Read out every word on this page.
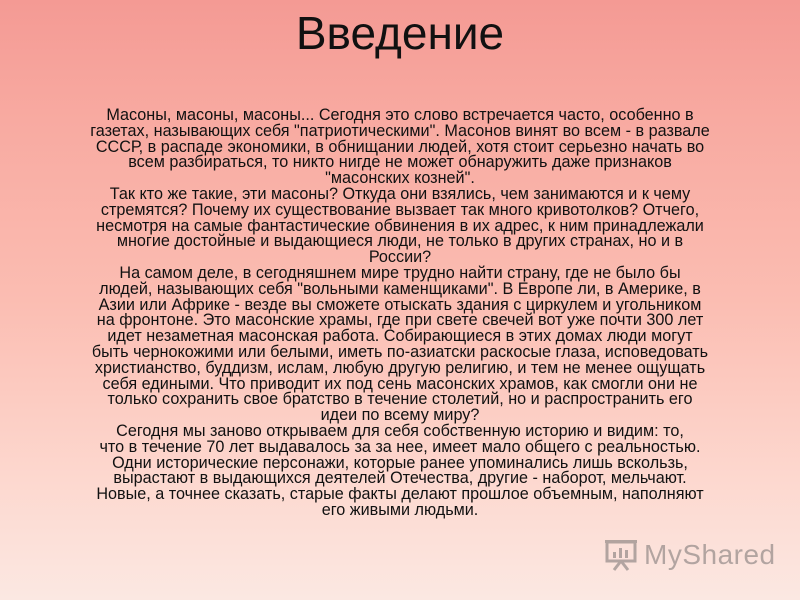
Введение
Масоны, масоны, масоны... Сегодня это слово встречается часто, особенно в
газетах, называющих себя "патриотическими". Масонов винят во всем - в развале
СССР, в распаде экономики, в обнищании людей, хотя стоит серьезно начать во
всем разбираться, то никто нигде не может обнаружить даже признаков
"масонских козней".
Так кто же такие, эти масоны? Откуда они взялись, чем занимаются и к чему
стремятся? Почему их существование вызвает так много кривотолков? Отчего,
несмотря на самые фантастические обвинения в их адрес, к ним принадлежали
многие достойные и выдающиеся люди, не только в других странах, но и в
России?
На самом деле, в сегодняшнем мире трудно найти страну, где не было бы
людей, называющих себя "вольными каменщиками". В Европе ли, в Америке, в
Азии или Африке - везде вы сможете отыскать здания с циркулем и угольником
на фронтоне. Это масонские храмы, где при свете свечей вот уже почти 300 лет
идет незаметная масонская работа. Собирающиеся в этих домах люди могут
быть чернокожими или белыми, иметь по-азиатски раскосые глаза, исповедовать
христианство, буддизм, ислам, любую другую религию, и тем не менее ощущать
себя едиными. Что приводит их под сень масонских храмов, как смогли они не
только сохранить свое братство в течение столетий, но и распространить его
идеи по всему миру?
Сегодня мы заново открываем для себя собственную историю и видим: то,
что в течение 70 лет выдавалось за за нее, имеет мало общего с реальностью.
Одни исторические персонажи, которые ранее упоминались лишь вскользь,
вырастают в выдающихся деятелей Отечества, другие - наборот, мельчают.
Новые, а точнее сказать, старые факты делают прошлое объемным, наполняют
его живыми людьми.
MyShared
